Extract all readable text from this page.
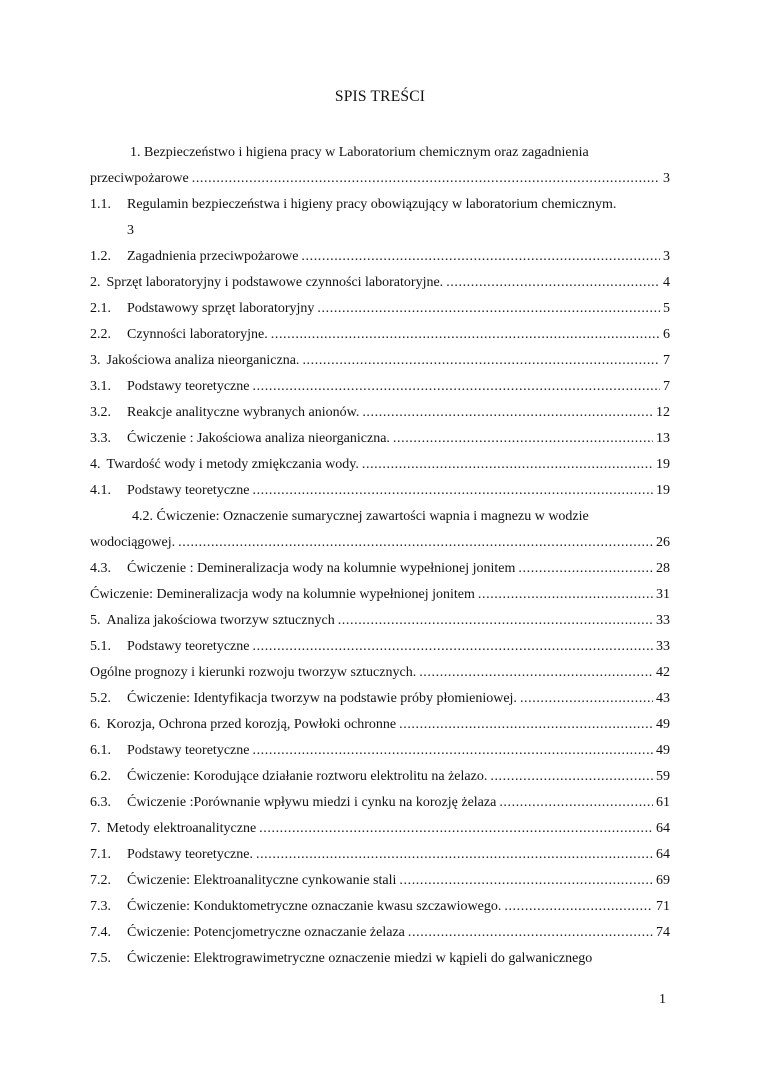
SPIS TREŚCI
1. Bezpieczeństwo i higiena pracy w Laboratorium chemicznym oraz zagadnienia
przeciwpożarowe .....	3
1.1.	Regulamin bezpieczeństwa i higieny pracy obowiązujący w laboratorium chemicznym.
3
1.2.	Zagadnienia przeciwpożarowe .....	3
2. Sprzęt laboratoryjny i podstawowe czynności laboratoryjne. .....	4
2.1.	Podstawowy sprzęt laboratoryjny .....	5
2.2.	Czynności laboratoryjne. .....	6
3. Jakościowa analiza nieorganiczna. .....	7
3.1.	Podstawy teoretyczne .....	7
3.2.	Reakcje analityczne wybranych anionów. .....	12
3.3.	Ćwiczenie : Jakościowa analiza nieorganiczna. .....	13
4. Twardość wody i metody zmiękczania wody. .....	19
4.1.	Podstawy teoretyczne .....	19
4.2. Ćwiczenie: Oznaczenie sumarycznej zawartości wapnia i magnezu w wodzie
wodociągowej. .....	26
4.3.	Ćwiczenie : Demineralizacja wody na kolumnie wypełnionej jonitem .....	28
Ćwiczenie: Demineralizacja wody na kolumnie wypełnionej jonitem .....	31
5. Analiza jakościowa tworzyw sztucznych .....	33
5.1.	Podstawy teoretyczne .....	33
Ogólne prognozy i kierunki rozwoju tworzyw sztucznych. .....	42
5.2.	Ćwiczenie: Identyfikacja tworzyw na podstawie próby płomieniowej. .....	43
6. Korozja, Ochrona przed korozją, Powłoki ochronne .....	49
6.1.	Podstawy teoretyczne .....	49
6.2.	Ćwiczenie: Korodujące działanie roztworu elektrolitu na żelazo. .....	59
6.3.	Ćwiczenie :Porównanie wpływu miedzi i cynku na korozję żelaza .....	61
7. Metody elektroanalityczne .....	64
7.1.	Podstawy teoretyczne. .....	64
7.2.	Ćwiczenie: Elektroanalityczne cynkowanie stali .....	69
7.3.	Ćwiczenie: Konduktometryczne oznaczanie kwasu szczawiowego. .....	71
7.4.	Ćwiczenie: Potencjometryczne oznaczanie żelaza .....	74
7.5.	Ćwiczenie: Elektrograwimetryczne oznaczenie miedzi w kąpieli do galwanicznego
1
